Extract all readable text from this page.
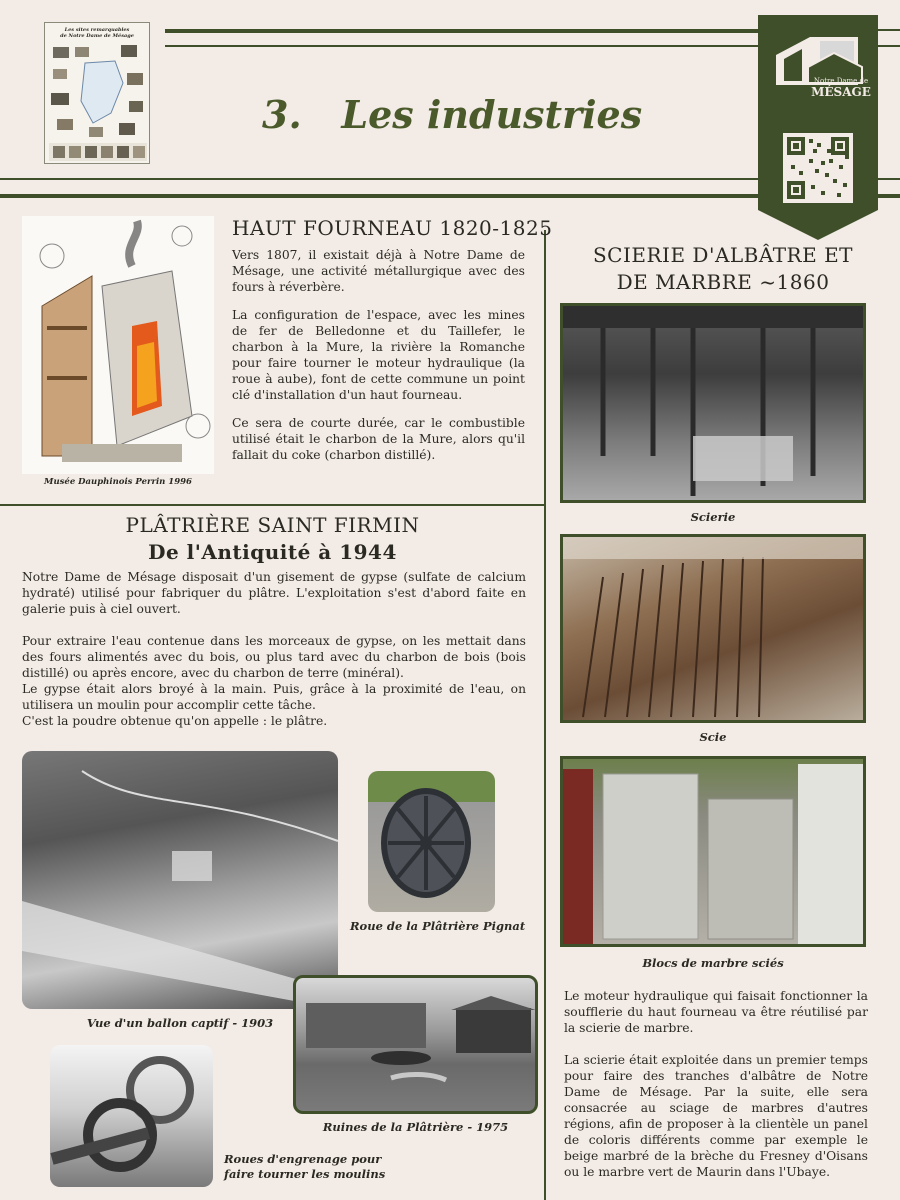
Les sites remarquables
de Notre Dame de Mésage
3. Les industries
Notre Dame de
MÉSAGE

Musée Dauphinois Perrin 1996

HAUT FOURNEAU 1820-1825

Vers 1807, il existait déjà à Notre Dame de Mésage, une activité métallurgique avec des fours à réverbère.

La configuration de l'espace, avec les mines de fer de Belledonne et du Taillefer, le charbon à la Mure, la rivière la Romanche pour faire tourner le moteur hydraulique (la roue à aube), font de cette commune un point clé d'installation d'un haut fourneau.

Ce sera de courte durée, car le combustible utilisé était le charbon de la Mure, alors qu'il fallait du coke (charbon distillé).

PLÂTRIÈRE SAINT FIRMIN
De l'Antiquité à 1944

Notre Dame de Mésage disposait d'un gisement de gypse (sulfate de calcium hydraté) utilisé pour fabriquer du plâtre. L'exploitation s'est d'abord faite en galerie puis à ciel ouvert.

Pour extraire l'eau contenue dans les morceaux de gypse, on les mettait dans des fours alimentés avec du bois, ou plus tard avec du charbon de bois (bois distillé) ou après encore, avec du charbon de terre (minéral).
Le gypse était alors broyé à la main. Puis, grâce à la proximité de l'eau, on utilisera un moulin pour accomplir cette tâche.
C'est la poudre obtenue qu'on appelle : le plâtre.

Vue d'un ballon captif - 1903

Roue de la Plâtrière Pignat

Ruines de la Plâtrière - 1975

Roues d'engrenage pour
faire tourner les moulins
SCIERIE D'ALBÂTRE ET
DE MARBRE ~1860

Scierie

Scie

Blocs de marbre sciés

Le moteur hydraulique qui faisait fonctionner la soufflerie du haut fourneau va être réutilisé par la scierie de marbre.

La scierie était exploitée dans un premier temps pour faire des tranches d'albâtre de Notre Dame de Mésage. Par la suite, elle sera consacrée au sciage de marbres d'autres régions, afin de proposer à la clientèle un panel de coloris différents comme par exemple le beige marbré de la brèche du Fresney d'Oisans ou le marbre vert de Maurin dans l'Ubaye.
